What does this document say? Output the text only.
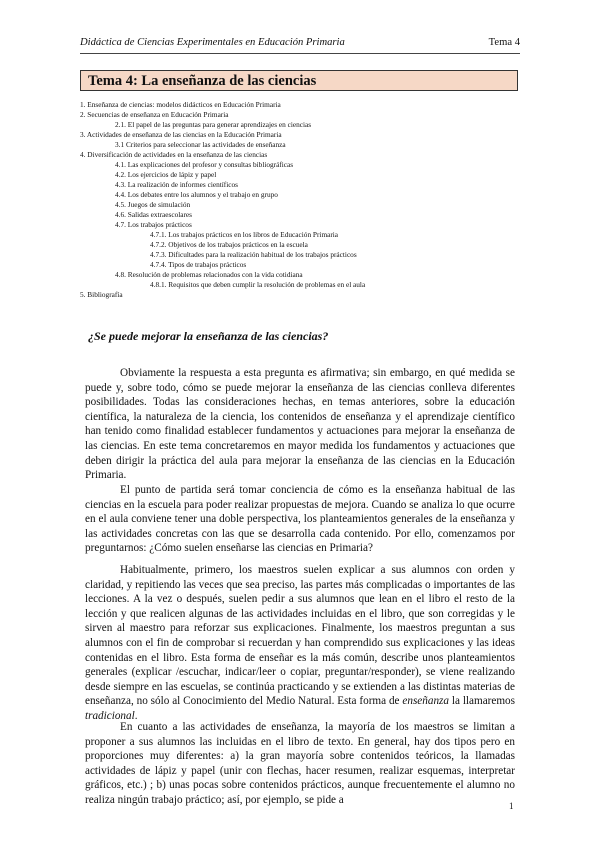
Didáctica de Ciencias Experimentales en Educación Primaria	Tema 4
Tema 4: La enseñanza de las ciencias
1. Enseñanza de ciencias: modelos didácticos en Educación Primaria
2. Secuencias de enseñanza en Educación Primaria
2.1. El papel de las preguntas para generar aprendizajes en ciencias
3. Actividades de enseñanza de las ciencias en la Educación Primaria
3.1 Criterios para seleccionar las actividades de enseñanza
4. Diversificación de actividades en la enseñanza de las ciencias
4.1. Las explicaciones del profesor y consultas bibliográficas
4.2. Los ejercicios de lápiz y papel
4.3. La realización de informes científicos
4.4. Los debates entre los alumnos y el trabajo en grupo
4.5. Juegos de simulación
4.6. Salidas extraescolares
4.7. Los trabajos prácticos
4.7.1. Los trabajos prácticos en los libros de Educación Primaria
4.7.2. Objetivos de los trabajos prácticos en la escuela
4.7.3. Dificultades para la realización habitual de los trabajos prácticos
4.7.4. Tipos de trabajos prácticos
4.8. Resolución de problemas relacionados con la vida cotidiana
4.8.1. Requisitos que deben cumplir la resolución de problemas en el aula
5. Bibliografía
¿Se puede mejorar la enseñanza de las ciencias?

Obviamente la respuesta a esta pregunta es afirmativa; sin embargo, en qué medida se puede y, sobre todo, cómo se puede mejorar la enseñanza de las ciencias conlleva diferentes posibilidades. Todas las consideraciones hechas, en temas anteriores, sobre la educación científica, la naturaleza de la ciencia, los contenidos de enseñanza y el aprendizaje científico han tenido como finalidad establecer fundamentos y actuaciones para mejorar la enseñanza de las ciencias. En este tema concretaremos en mayor medida los fundamentos y actuaciones que deben dirigir la práctica del aula para mejorar la enseñanza de las ciencias en la Educación Primaria.

El punto de partida será tomar conciencia de cómo es la enseñanza habitual de las ciencias en la escuela para poder realizar propuestas de mejora. Cuando se analiza lo que ocurre en el aula conviene tener una doble perspectiva, los planteamientos generales de la enseñanza y las actividades concretas con las que se desarrolla cada contenido. Por ello, comenzamos por preguntarnos: ¿Cómo suelen enseñarse las ciencias en Primaria?

Habitualmente, primero, los maestros suelen explicar a sus alumnos con orden y claridad, y repitiendo las veces que sea preciso, las partes más complicadas o importantes de las lecciones. A la vez o después, suelen pedir a sus alumnos que lean en el libro el resto de la lección y que realicen algunas de las actividades incluidas en el libro, que son corregidas y le sirven al maestro para reforzar sus explicaciones. Finalmente, los maestros preguntan a sus alumnos con el fin de comprobar si recuerdan y han comprendido sus explicaciones y las ideas contenidas en el libro. Esta forma de enseñar es la más común, describe unos planteamientos generales (explicar /escuchar, indicar/leer o copiar, preguntar/responder), se viene realizando desde siempre en las escuelas, se continúa practicando y se extienden a las distintas materias de enseñanza, no sólo al Conocimiento del Medio Natural. Esta forma de enseñanza la llamaremos tradicional.

En cuanto a las actividades de enseñanza, la mayoría de los maestros se limitan a proponer a sus alumnos las incluidas en el libro de texto. En general, hay dos tipos pero en proporciones muy diferentes: a) la gran mayoría sobre contenidos teóricos, la llamadas actividades de lápiz y papel (unir con flechas, hacer resumen, realizar esquemas, interpretar gráficos, etc.) ; b) unas pocas sobre contenidos prácticos, aunque frecuentemente el alumno no realiza ningún trabajo práctico; así, por ejemplo, se pide a

1
